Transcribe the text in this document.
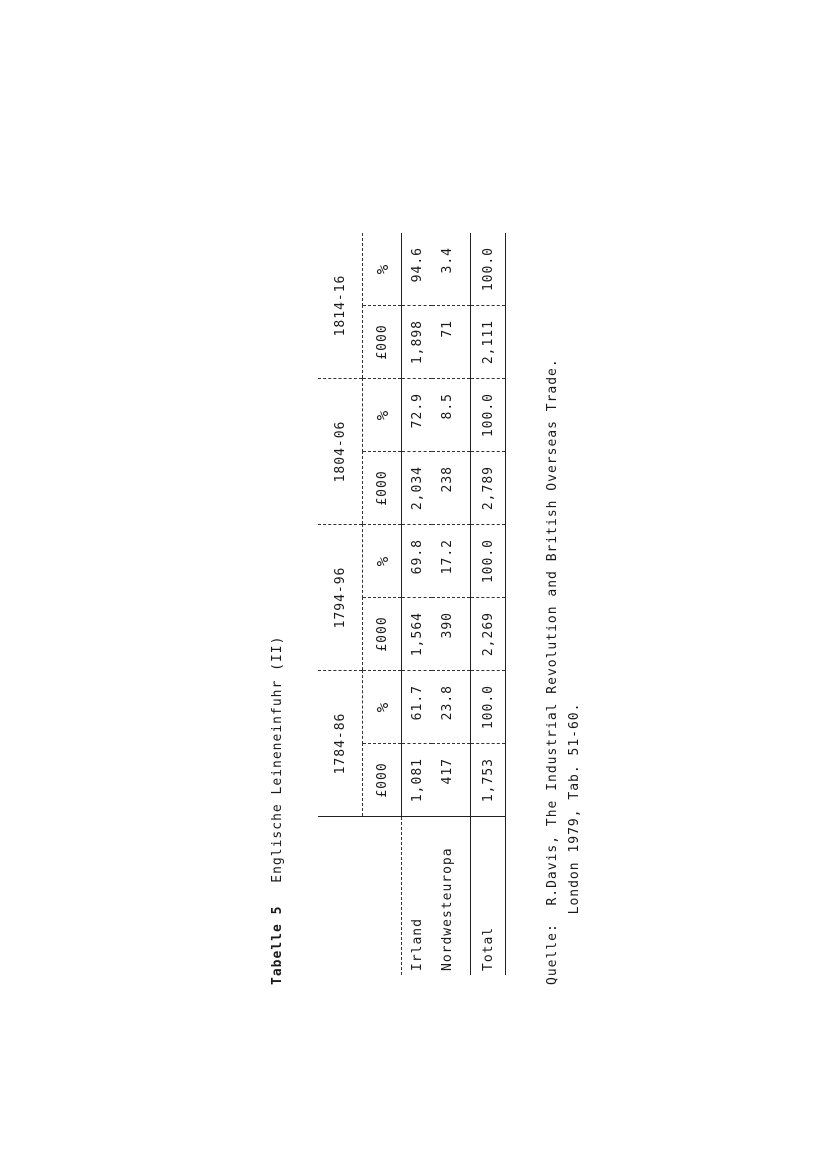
Tabelle 5 Englische Leineneinfuhr (II)
		1784-86		1794-96		1804-06		1814-16	
	£000	%	£000	%	£000	%	£000	%
Irland	1,081	61.7	1,564	69.8	2,034	72.9	1,898	94.6
Nordwesteuropa	417	23.8	390	17.2	238	8.5	71	3.4
Total	1,753	100.0	2,269	100.0	2,789	100.0	2,111	100.0
Quelle:  R.Davis, The Industrial Revolution and British Overseas Trade. London 1979, Tab. 51-60.
